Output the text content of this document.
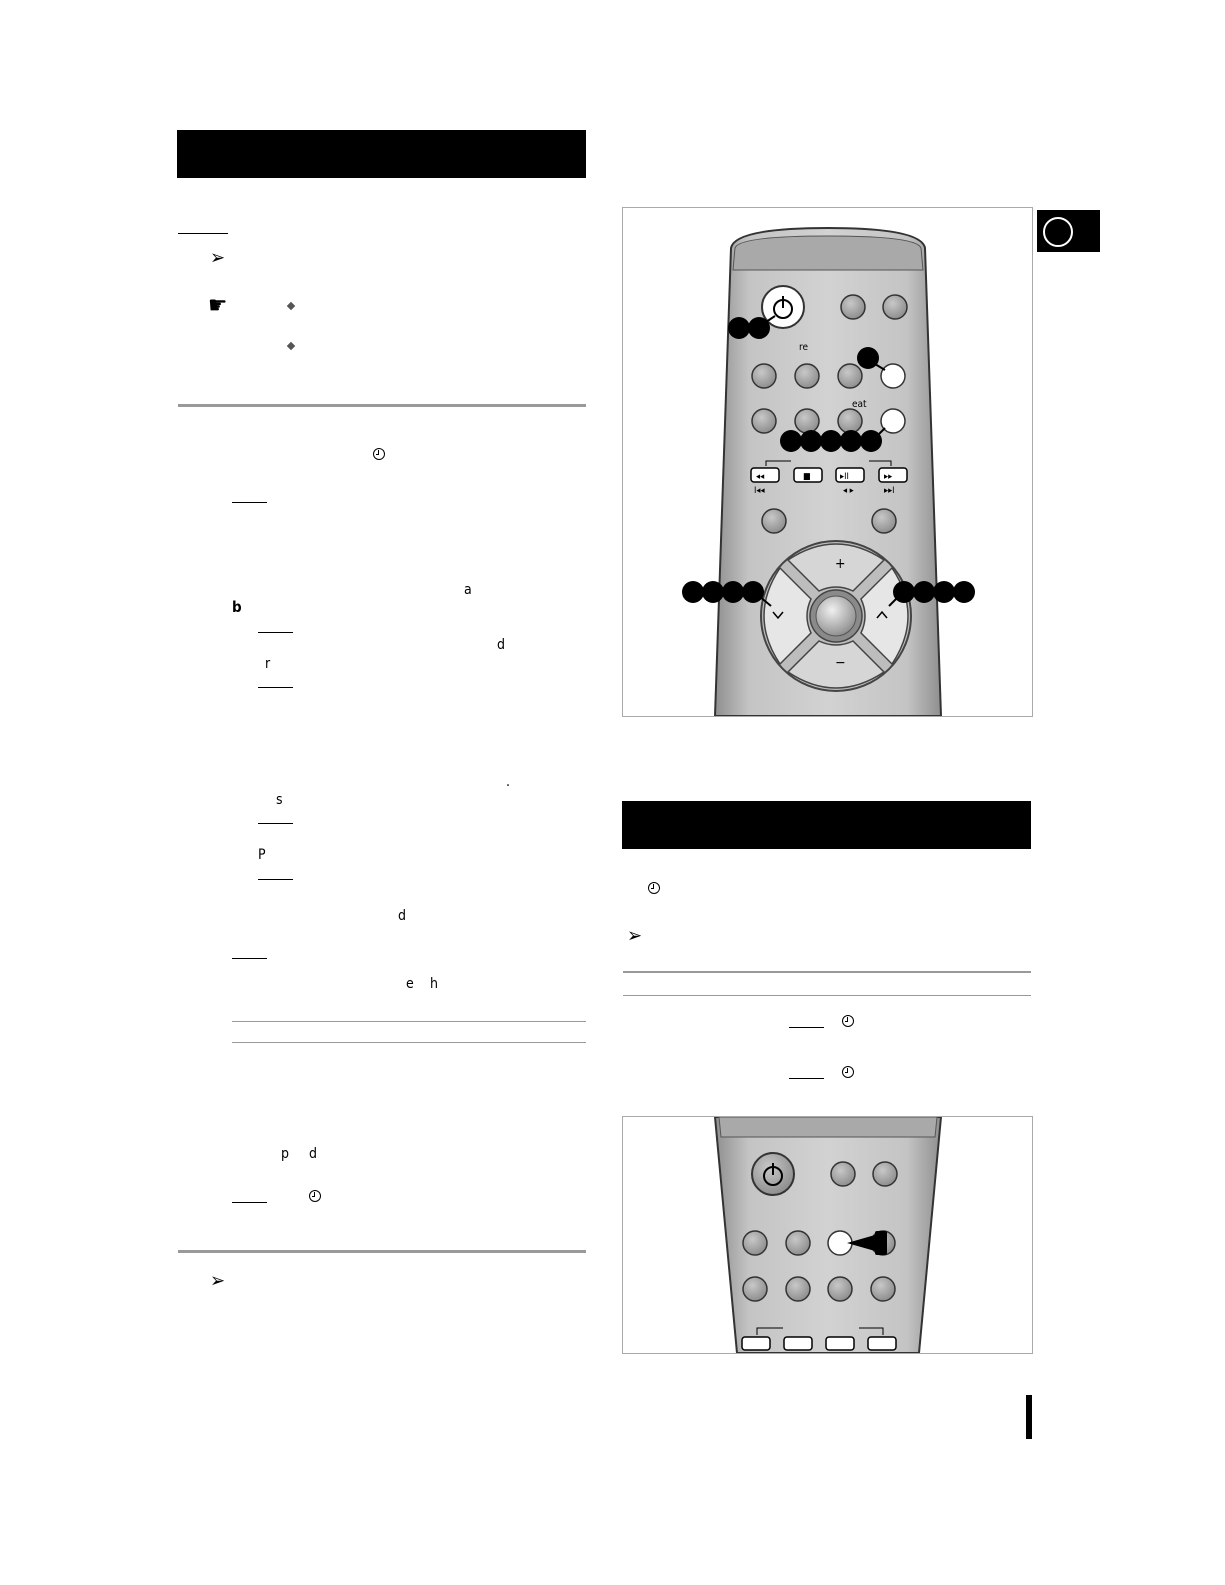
➢
☛
a
b
d
r
.
s
P
d
e h
p d
➢
re
eat
◂◂	■	▸II	▸▸
I◂◂	◂ ▸	▸▸I
+
−
➢
